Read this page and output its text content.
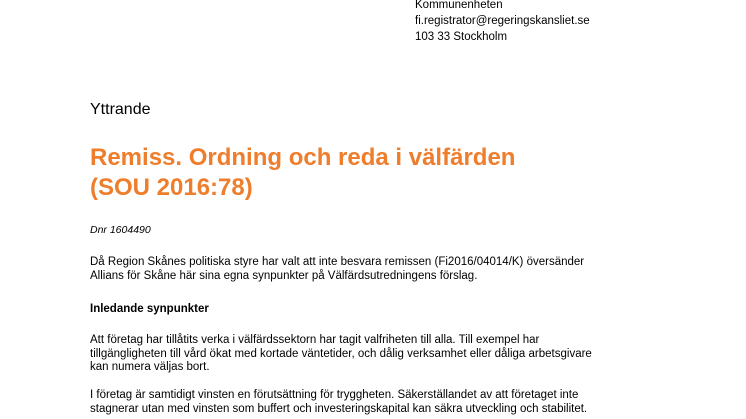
Kommunenheten
fi.registrator@regeringskansliet.se
103 33 Stockholm
Yttrande
Remiss. Ordning och reda i välfärden
(SOU 2016:78)
Dnr 1604490

Då Region Skånes politiska styre har valt att inte besvara remissen (Fi2016/04014/K) översänder
Allians för Skåne här sina egna synpunkter på Välfärdsutredningens förslag.

Inledande synpunkter

Att företag har tillåtits verka i välfärdssektorn har tagit valfriheten till alla. Till exempel har
tillgängligheten till vård ökat med kortade väntetider, och dålig verksamhet eller dåliga arbetsgivare
kan numera väljas bort.

I företag är samtidigt vinsten en förutsättning för tryggheten. Säkerställandet av att företaget inte
stagnerar utan med vinsten som buffert och investeringskapital kan säkra utveckling och stabilitet.
